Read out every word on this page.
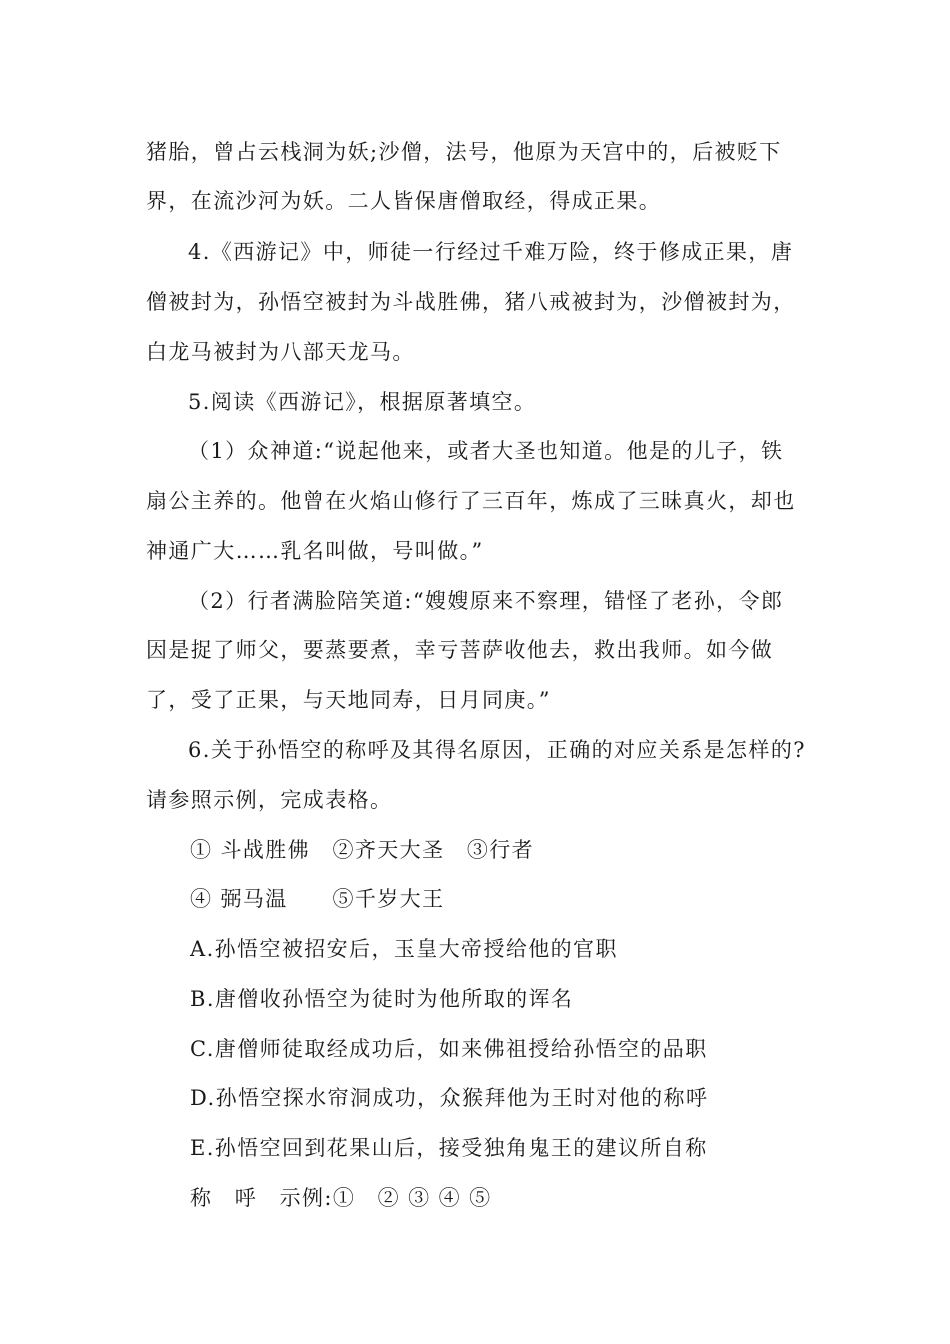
猪胎，曾占云栈洞为妖;沙僧，法号，他原为天宫中的，后被贬下
界，在流沙河为妖。二人皆保唐僧取经，得成正果。
4.《西游记》中，师徒一行经过千难万险，终于修成正果，唐
僧被封为，孙悟空被封为斗战胜佛，猪八戒被封为，沙僧被封为，
白龙马被封为八部天龙马。
5.阅读《西游记》，根据原著填空。
（1）众神道:“说起他来，或者大圣也知道。他是的儿子，铁
扇公主养的。他曾在火焰山修行了三百年，炼成了三昧真火，却也
神通广大……乳名叫做，号叫做。”
（2）行者满脸陪笑道:“嫂嫂原来不察理，错怪了老孙，令郎
因是捉了师父，要蒸要煮，幸亏菩萨收他去，救出我师。如今做
了，受了正果，与天地同寿，日月同庚。”
6.关于孙悟空的称呼及其得名原因，正确的对应关系是怎样的?
请参照示例，完成表格。
① 斗战胜佛　②齐天大圣　③行者
④ 弼马温　　⑤千岁大王
A.孙悟空被招安后，玉皇大帝授给他的官职
B.唐僧收孙悟空为徒时为他所取的诨名
C.唐僧师徒取经成功后，如来佛祖授给孙悟空的品职
D.孙悟空探水帘洞成功，众猴拜他为王时对他的称呼
E.孙悟空回到花果山后，接受独角鬼王的建议所自称
称　呼　示例:①　② ③ ④ ⑤
